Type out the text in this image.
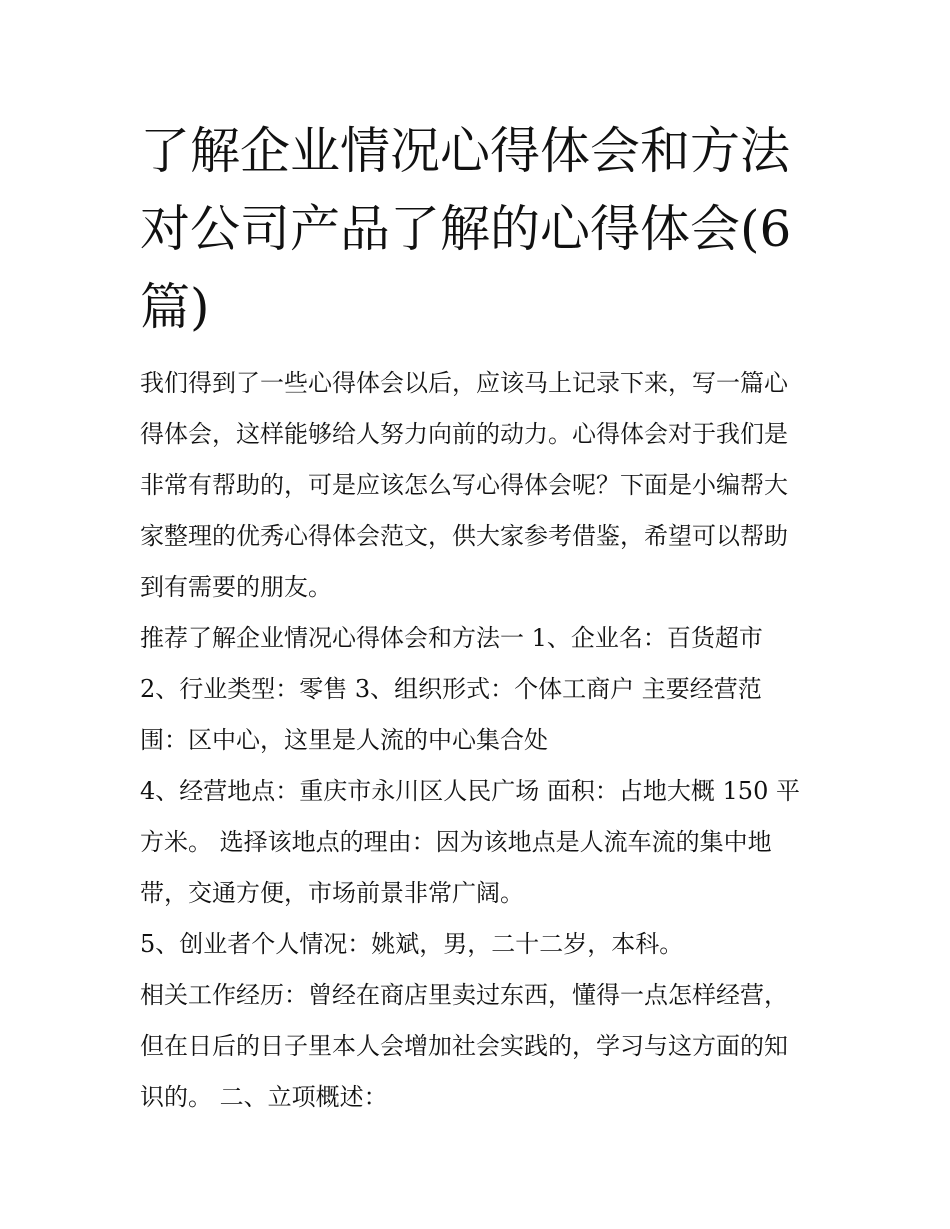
了解企业情况心得体会和方法
对公司产品了解的心得体会(6
篇)
我们得到了一些心得体会以后，应该马上记录下来，写一篇心
得体会，这样能够给人努力向前的动力。心得体会对于我们是
非常有帮助的，可是应该怎么写心得体会呢？下面是小编帮大
家整理的优秀心得体会范文，供大家参考借鉴，希望可以帮助
到有需要的朋友。
推荐了解企业情况心得体会和方法一 1、企业名：百货超市
2、行业类型：零售 3、组织形式：个体工商户 主要经营范
围：区中心，这里是人流的中心集合处
4、经营地点：重庆市永川区人民广场 面积：占地大概 150 平
方米。 选择该地点的理由：因为该地点是人流车流的集中地
带，交通方便，市场前景非常广阔。
5、创业者个人情况：姚斌，男，二十二岁，本科。
相关工作经历：曾经在商店里卖过东西，懂得一点怎样经营，
但在日后的日子里本人会增加社会实践的，学习与这方面的知
识的。 二、立项概述：
